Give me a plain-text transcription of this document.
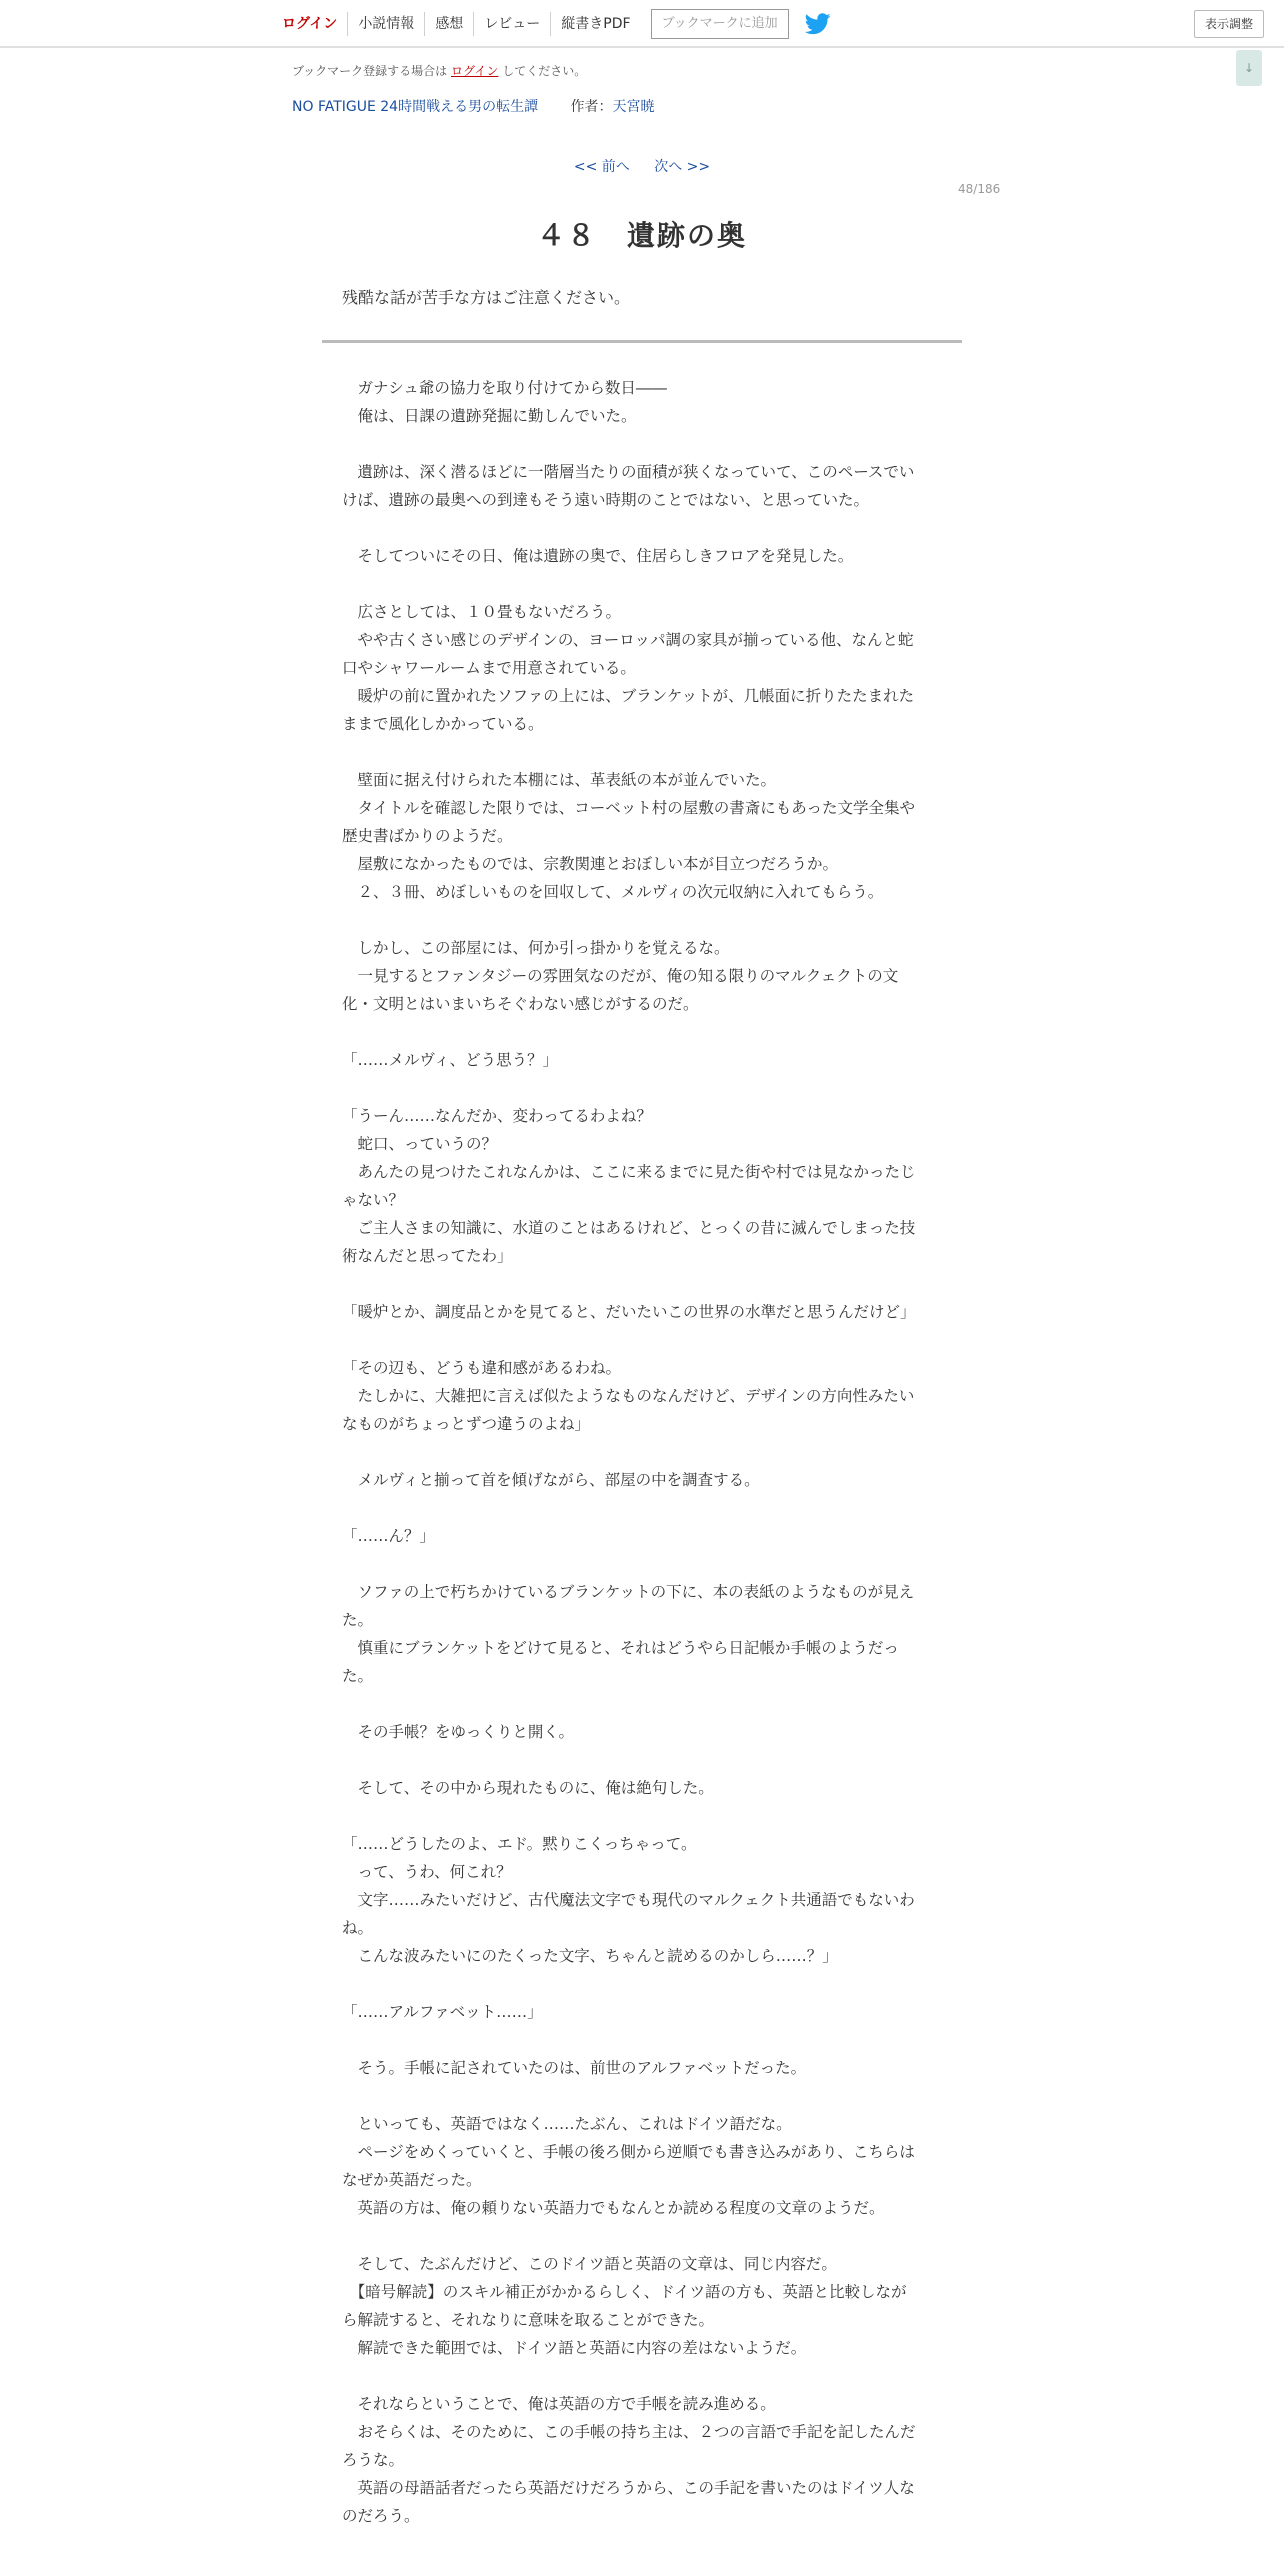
ログイン	小説情報	感想	レビュー	縦書きPDF	ブックマークに追加	表示調整
↓
ブックマーク登録する場合は ログイン してください。
NO FATIGUE 24時間戦える男の転生譚 作者：天宮暁
<< 前へ 次へ >>
48/186
４８　遺跡の奥
残酷な話が苦手な方はご注意ください。
　ガナシュ爺の協力を取り付けてから数日――
　俺は、日課の遺跡発掘に勤しんでいた。
　遺跡は、深く潜るほどに一階層当たりの面積が狭くなっていて、このペースでい
けば、遺跡の最奥への到達もそう遠い時期のことではない、と思っていた。
　そしてついにその日、俺は遺跡の奥で、住居らしきフロアを発見した。
　広さとしては、１０畳もないだろう。
　やや古くさい感じのデザインの、ヨーロッパ調の家具が揃っている他、なんと蛇
口やシャワールームまで用意されている。
　暖炉の前に置かれたソファの上には、ブランケットが、几帳面に折りたたまれた
ままで風化しかかっている。
　壁面に据え付けられた本棚には、革表紙の本が並んでいた。
　タイトルを確認した限りでは、コーベット村の屋敷の書斎にもあった文学全集や
歴史書ばかりのようだ。
　屋敷になかったものでは、宗教関連とおぼしい本が目立つだろうか。
　２、３冊、めぼしいものを回収して、メルヴィの次元収納に入れてもらう。
　しかし、この部屋には、何か引っ掛かりを覚えるな。
　一見するとファンタジーの雰囲気なのだが、俺の知る限りのマルクェクトの文
化・文明とはいまいちそぐわない感じがするのだ。
「……メルヴィ、どう思う？」
「うーん……なんだか、変わってるわよね？
　蛇口、っていうの？
　あんたの見つけたこれなんかは、ここに来るまでに見た街や村では見なかったじ
ゃない？
　ご主人さまの知識に、水道のことはあるけれど、とっくの昔に滅んでしまった技
術なんだと思ってたわ」
「暖炉とか、調度品とかを見てると、だいたいこの世界の水準だと思うんだけど」
「その辺も、どうも違和感があるわね。
　たしかに、大雑把に言えば似たようなものなんだけど、デザインの方向性みたい
なものがちょっとずつ違うのよね」
　メルヴィと揃って首を傾げながら、部屋の中を調査する。
「……ん？」
　ソファの上で朽ちかけているブランケットの下に、本の表紙のようなものが見え
た。
　慎重にブランケットをどけて見ると、それはどうやら日記帳か手帳のようだっ
た。
　その手帳？をゆっくりと開く。
　そして、その中から現れたものに、俺は絶句した。
「……どうしたのよ、エド。黙りこくっちゃって。
　って、うわ、何これ？
　文字……みたいだけど、古代魔法文字でも現代のマルクェクト共通語でもないわ
ね。
　こんな波みたいにのたくった文字、ちゃんと読めるのかしら……？」
「……アルファベット……」
　そう。手帳に記されていたのは、前世のアルファベットだった。
　といっても、英語ではなく……たぶん、これはドイツ語だな。
　ページをめくっていくと、手帳の後ろ側から逆順でも書き込みがあり、こちらは
なぜか英語だった。
　英語の方は、俺の頼りない英語力でもなんとか読める程度の文章のようだ。
　そして、たぶんだけど、このドイツ語と英語の文章は、同じ内容だ。
　【暗号解読】のスキル補正がかかるらしく、ドイツ語の方も、英語と比較しなが
ら解読すると、それなりに意味を取ることができた。
　解読できた範囲では、ドイツ語と英語に内容の差はないようだ。
　それならということで、俺は英語の方で手帳を読み進める。
　おそらくは、そのために、この手帳の持ち主は、２つの言語で手記を記したんだ
ろうな。
　英語の母語話者だったら英語だけだろうから、この手記を書いたのはドイツ人な
のだろう。
